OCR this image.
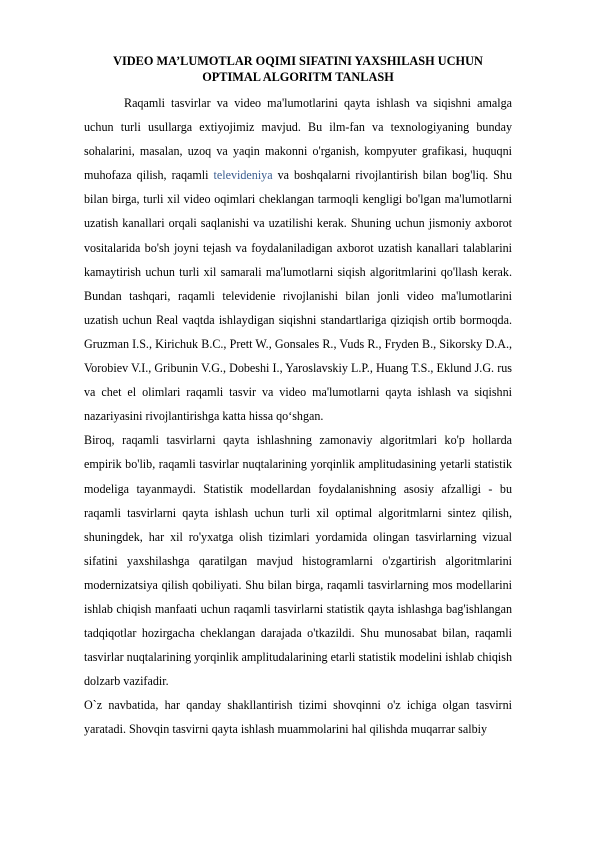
VIDEO MA’LUMOTLAR OQIMI SIFATINI YAXSHILASH UCHUN
OPTIMAL ALGORITM TANLASH

Raqamli tasvirlar va video ma'lumotlarini qayta ishlash va siqishni amalga uchun turli usullarga extiyojimiz mavjud. Bu ilm-fan va texnologiyaning bunday sohalarini, masalan, uzoq va yaqin makonni o'rganish, kompyuter grafikasi, huquqni muhofaza qilish, raqamli televideniya va boshqalarni rivojlantirish bilan bog'liq. Shu bilan birga, turli xil video oqimlari cheklangan tarmoqli kengligi bo'lgan ma'lumotlarni uzatish kanallari orqali saqlanishi va uzatilishi kerak. Shuning uchun jismoniy axborot vositalarida bo'sh joyni tejash va foydalaniladigan axborot uzatish kanallari talablarini kamaytirish uchun turli xil samarali ma'lumotlarni siqish algoritmlarini qo'llash kerak. Bundan tashqari, raqamli televidenie rivojlanishi bilan jonli video ma'lumotlarini uzatish uchun Real vaqtda ishlaydigan siqishni standartlariga qiziqish ortib bormoqda. Gruzman I.S., Kirichuk B.C., Prett W., Gonsales R., Vuds R., Fryden B., Sikorsky D.A., Vorobiev V.I., Gribunin V.G., Dobeshi I., Yaroslavskiy L.P., Huang T.S., Eklund J.G. rus va chet el olimlari raqamli tasvir va video ma'lumotlarni qayta ishlash va siqishni nazariyasini rivojlantirishga katta hissa qo‘shgan.

Biroq, raqamli tasvirlarni qayta ishlashning zamonaviy algoritmlari ko'p hollarda empirik bo'lib, raqamli tasvirlar nuqtalarining yorqinlik amplitudasining yetarli statistik modeliga tayanmaydi. Statistik modellardan foydalanishning asosiy afzalligi - bu raqamli tasvirlarni qayta ishlash uchun turli xil optimal algoritmlarni sintez qilish, shuningdek, har xil ro'yxatga olish tizimlari yordamida olingan tasvirlarning vizual sifatini yaxshilashga qaratilgan mavjud histogramlarni o'zgartirish algoritmlarini modernizatsiya qilish qobiliyati. Shu bilan birga, raqamli tasvirlarning mos modellarini ishlab chiqish manfaati uchun raqamli tasvirlarni statistik qayta ishlashga bag'ishlangan tadqiqotlar hozirgacha cheklangan darajada o'tkazildi. Shu munosabat bilan, raqamli tasvirlar nuqtalarining yorqinlik amplitudalarining etarli statistik modelini ishlab chiqish dolzarb vazifadir.

O`z navbatida, har qanday shakllantirish tizimi shovqinni o'z ichiga olgan tasvirni yaratadi. Shovqin tasvirni qayta ishlash muammolarini hal qilishda muqarrar salbiy
